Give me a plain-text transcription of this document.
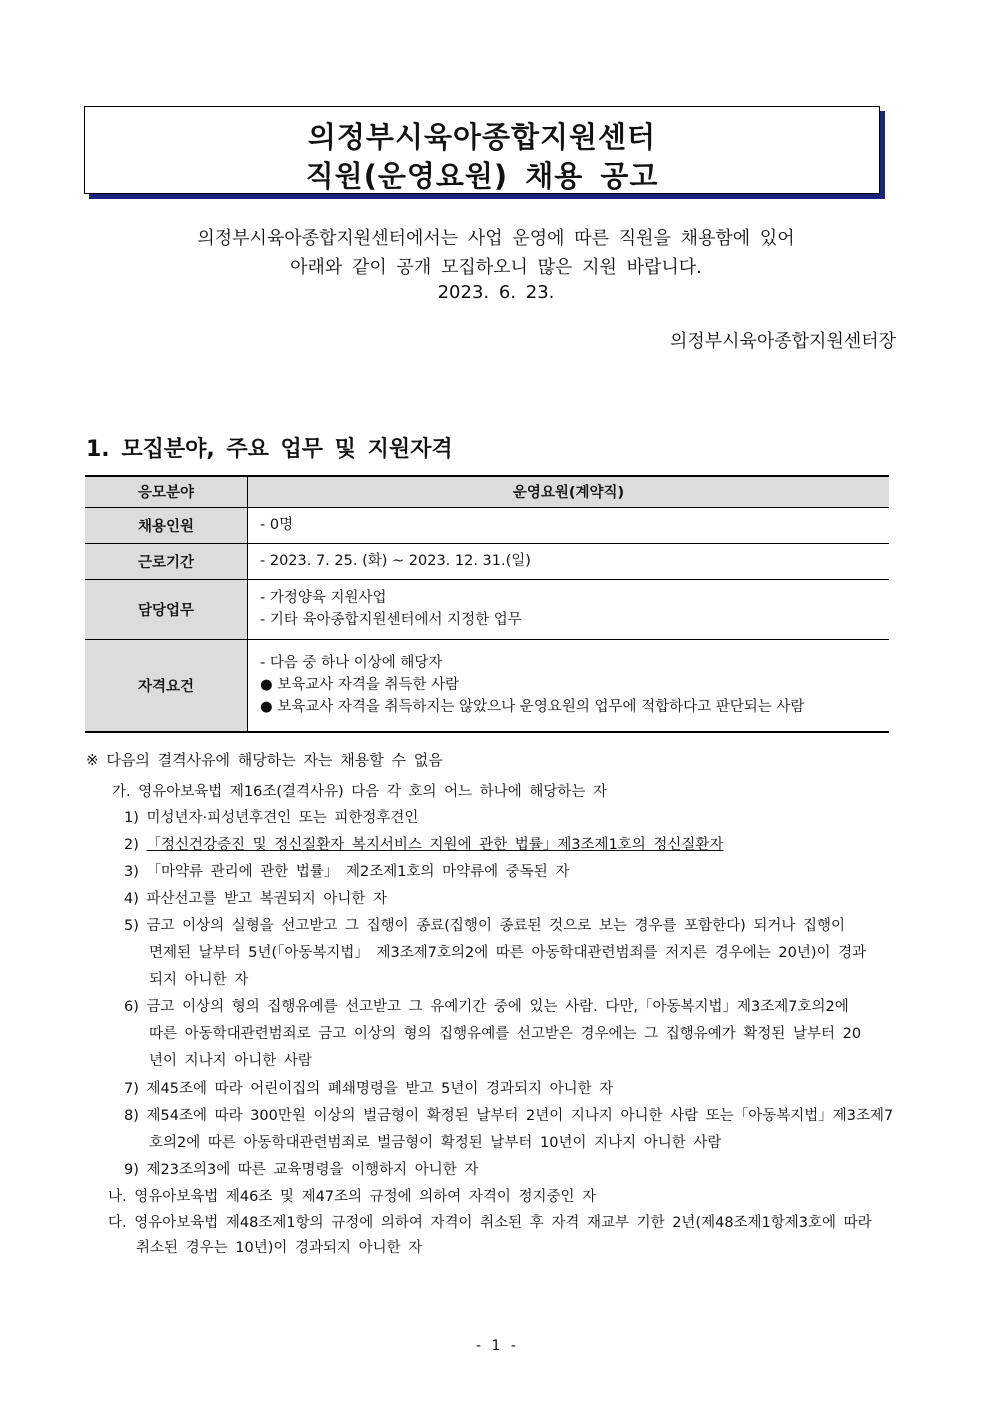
의정부시육아종합지원센터
직원(운영요원) 채용 공고
의정부시육아종합지원센터에서는 사업 운영에 따른 직원을 채용함에 있어
아래와 같이 공개 모집하오니 많은 지원 바랍니다.
2023. 6. 23.
의정부시육아종합지원센터장
1. 모집분야, 주요 업무 및 지원자격
응모분야	운영요원(계약직)
채용인원	- 0명

근로기간	- 2023. 7. 25. (화) ~ 2023. 12. 31.(일)

담당업무	- 가정양육 지원사업
- 기타 육아종합지원센터에서 지정한 업무

자격요건	- 다음 중 하나 이상에 해당자
● 보육교사 자격을 취득한 사람
● 보육교사 자격을 취득하지는 않았으나 운영요원의 업무에 적합하다고 판단되는 사람
※ 다음의 결격사유에 해당하는 자는 채용할 수 없음
가. 영유아보육법 제16조(결격사유) 다음 각 호의 어느 하나에 해당하는 자
1) 미성년자·피성년후견인 또는 피한정후견인
2) 「정신건강증진 및 정신질환자 복지서비스 지원에 관한 법률」제3조제1호의 정신질환자
3) 「마약류 관리에 관한 법률」 제2조제1호의 마약류에 중독된 자
4) 파산선고를 받고 복권되지 아니한 자
5) 금고 이상의 실형을 선고받고 그 집행이 종료(집행이 종료된 것으로 보는 경우를 포함한다) 되거나 집행이
면제된 날부터 5년(「아동복지법」 제3조제7호의2에 따른 아동학대관련범죄를 저지른 경우에는 20년)이 경과
되지 아니한 자
6) 금고 이상의 형의 집행유예를 선고받고 그 유예기간 중에 있는 사람. 다만,「아동복지법」제3조제7호의2에
따른 아동학대관련범죄로 금고 이상의 형의 집행유예를 선고받은 경우에는 그 집행유예가 확정된 날부터 20
년이 지나지 아니한 사람
7) 제45조에 따라 어린이집의 폐쇄명령을 받고 5년이 경과되지 아니한 자
8) 제54조에 따라 300만원 이상의 벌금형이 확정된 날부터 2년이 지나지 아니한 사람 또는「아동복지법」제3조제7
호의2에 따른 아동학대관련범죄로 벌금형이 확정된 날부터 10년이 지나지 아니한 사람
9) 제23조의3에 따른 교육명령을 이행하지 아니한 자
나. 영유아보육법 제46조 및 제47조의 규정에 의하여 자격이 정지중인 자
다. 영유아보육법 제48조제1항의 규정에 의하여 자격이 취소된 후 자격 재교부 기한 2년(제48조제1항제3호에 따라
취소된 경우는 10년)이 경과되지 아니한 자
- 1 -
